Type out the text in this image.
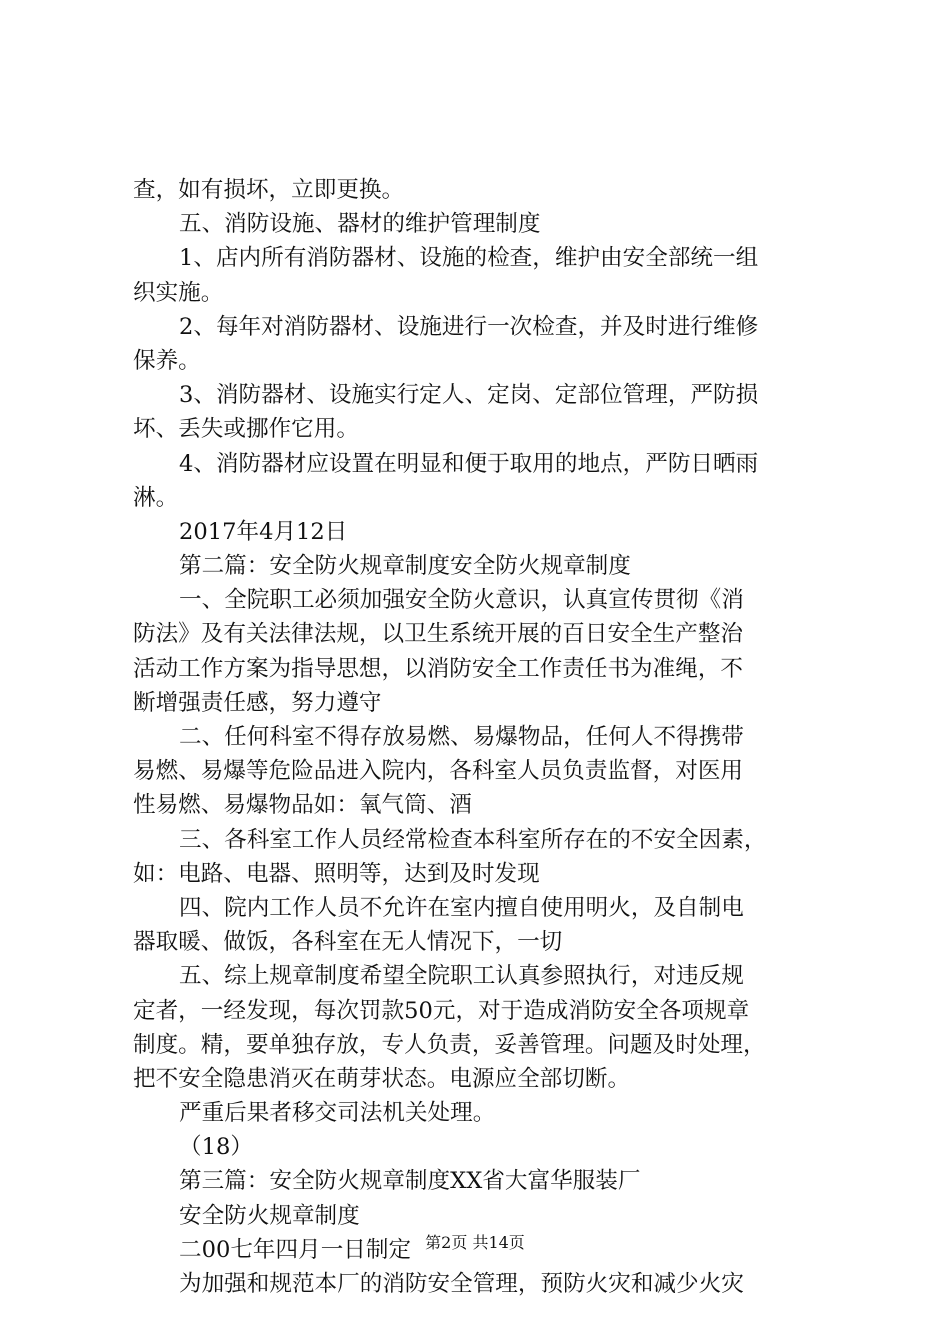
查，如有损坏，立即更换。
五、消防设施、器材的维护管理制度
1、店内所有消防器材、设施的检查，维护由安全部统一组
织实施。
2、每年对消防器材、设施进行一次检查，并及时进行维修
保养。
3、消防器材、设施实行定人、定岗、定部位管理，严防损
坏、丢失或挪作它用。
4、消防器材应设置在明显和便于取用的地点，严防日晒雨
淋。
2017年4月12日
第二篇：安全防火规章制度安全防火规章制度
一、全院职工必须加强安全防火意识，认真宣传贯彻《消
防法》及有关法律法规，以卫生系统开展的百日安全生产整治
活动工作方案为指导思想，以消防安全工作责任书为准绳，不
断增强责任感，努力遵守
二、任何科室不得存放易燃、易爆物品，任何人不得携带
易燃、易爆等危险品进入院内，各科室人员负责监督，对医用
性易燃、易爆物品如：氧气筒、酒
三、各科室工作人员经常检查本科室所存在的不安全因素，
如：电路、电器、照明等，达到及时发现
四、院内工作人员不允许在室内擅自使用明火，及自制电
器取暖、做饭，各科室在无人情况下，一切
五、综上规章制度希望全院职工认真参照执行，对违反规
定者，一经发现，每次罚款50元，对于造成消防安全各项规章
制度。精，要单独存放，专人负责，妥善管理。问题及时处理，
把不安全隐患消灭在萌芽状态。电源应全部切断。
严重后果者移交司法机关处理。
（18）
第三篇：安全防火规章制度XX省大富华服装厂
安全防火规章制度
二00七年四月一日制定
为加强和规范本厂的消防安全管理，预防火灾和减少火灾
第2页 共14页
